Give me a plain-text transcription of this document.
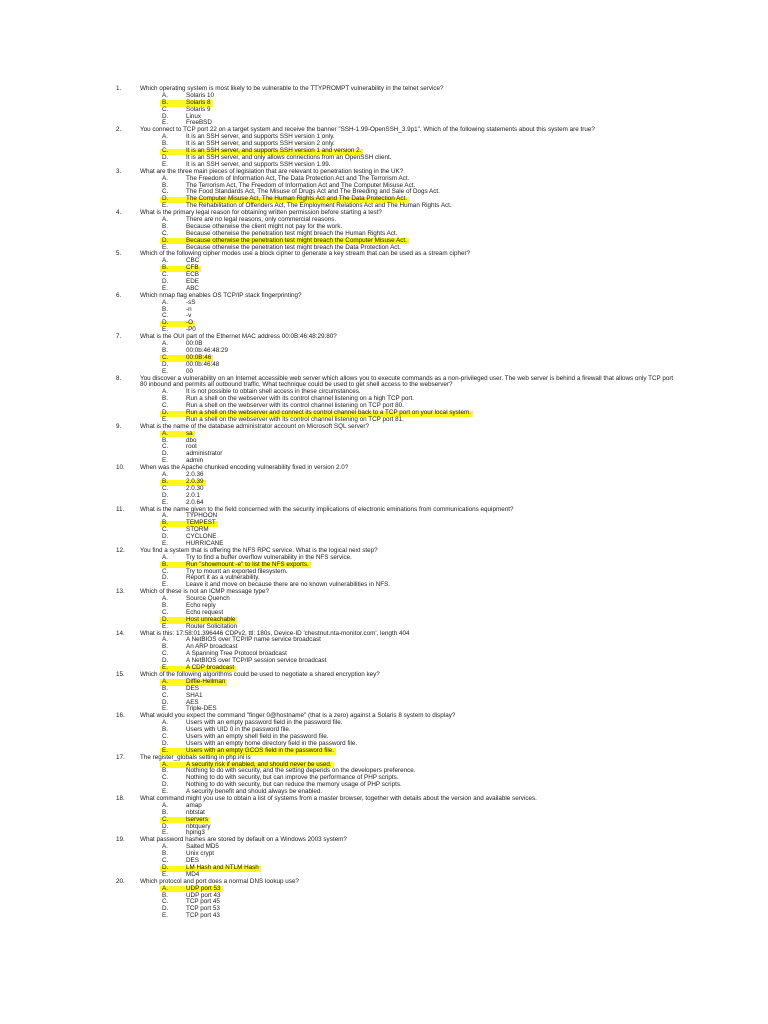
1.	Which operating system is most likely to be vulnerable to the TTYPROMPT vulnerability in the telnet service?
A.	Solaris 10
B.	Solaris 8
C.	Solaris 9
D.	Linux
E.	FreeBSD
2.	You connect to TCP port 22 on a target system and receive the banner "SSH-1.99-OpenSSH_3.9p1". Which of the following statements about this system are true?
A.	It is an SSH server, and supports SSH version 1 only.
B.	It is an SSH server, and supports SSH version 2 only.
C.	It is an SSH server, and supports SSH version 1 and version 2.
D.	It is an SSH server, and only allows connections from an OpenSSH client.
E.	It is an SSH server, and supports SSH version 1.99.
3.	What are the three main pieces of legislation that are relevant to penetration testing in the UK?
A.	The Freedom of Information Act, The Data Protection Act and The Terrorism Act.
B.	The Terrorism Act, The Freedom of Information Act and The Computer Misuse Act.
C.	The Food Standards Act, The Misuse of Drugs Act and The Breeding and Sale of Dogs Act.
D.	The Computer Misuse Act, The Human Rights Act and The Data Protection Act.
E.	The Rehabilitation of Offenders Act, The Employment Relations Act and The Human Rights Act.
4.	What is the primary legal reason for obtaining written permission before starting a test?
A.	There are no legal reasons, only commercial reasons.
B.	Because otherwise the client might not pay for the work.
C.	Because otherwise the penetration test might breach the Human Rights Act.
D.	Because otherwise the penetration test might breach the Computer Misuse Act.
E.	Because otherwise the penetration test might breach the Data Protection Act.
5.	Which of the following cipher modes use a block cipher to generate a key stream that can be used as a stream cipher?
A.	CBC
B.	CFB
C.	ECB
D.	EDE
E.	ABC
6.	Which nmap flag enables OS TCP/IP stack fingerprinting?
A.	-sS
B.	-n
C.	-v
D.	-O
E.	-P0
7.	What is the OUI part of the Ethernet MAC address 00:0B:46:48:29:80?
A.	00:0B
B.	00:0b:46:48:29
C.	00:0B:46
D.	00:0b:46:48
E.	00
8.	You discover a vulnerability on an Internet accessible web server which allows you to execute commands as a non-privileged user. The web server is behind a firewall that allows only TCP port 80 inbound and permits all outbound traffic. What technique could be used to get shell access to the webserver?
A.	It is not possible to obtain shell access in these circumstances.
B.	Run a shell on the webserver with its control channel listening on a high TCP port.
C.	Run a shell on the webserver with its control channel listening on TCP port 80.
D.	Run a shell on the webserver and connect its control channel back to a TCP port on your local system.
E.	Run a shell on the webserver with its control channel listening on TCP port 81.
9.	What is the name of the database administrator account on Microsoft SQL server?
A.	sa
B.	dbo
C.	root
D.	administrator
E.	admin
10. When was the Apache chunked encoding vulnerability fixed in version 2.0?
A.	2.0.36
B.	2.0.39
C.	2.0.30
D.	2.0.1
E.	2.0.64
11. What is the name given to the field concerned with the security implications of electronic eminations from communications equipment?
A.	TYPHOON
B.	TEMPEST
C.	STORM
D.	CYCLONE
E.	HURRICANE
12. You find a system that is offering the NFS RPC service. What is the logical next step?
A.	Try to find a buffer overflow vulnerability in the NFS service.
B.	Run "showmount -e" to list the NFS exports.
C.	Try to mount an exported filesystem.
D.	Report it as a vulnerability.
E.	Leave it and move on because there are no known vulnerabilities in NFS.
13. Which of these is not an ICMP message type?
A.	Source Quench
B.	Echo reply
C.	Echo request
D.	Host unreachable
E.	Router Solicitation
14. What is this: 17:58:01.396446 CDPv2, ttl: 180s, Device-ID 'chestnut.nta-monitor.com', length 404
A.	A NetBIOS over TCP/IP name service broadcast
B.	An ARP broadcast
C.	A Spanning Tree Protocol broadcast
D.	A NetBIOS over TCP/IP session service broadcast
E.	A CDP broadcast
15. Which of the following algorithms could be used to negotiate a shared encryption key?
A.	Diffie-Hellman
B.	DES
C.	SHA1
D.	AES
E.	Triple-DES
16. What would you expect the command "finger 0@hostname" (that is a zero) against a Solaris 8 system to display?
A.	Users with an empty password field in the password file.
B.	Users with UID 0 in the password file.
C.	Users with an empty shell field in the password file.
D.	Users with an empty home directory field in the password file.
E.	Users with an empty GCOS field in the password file.
17. The register_globals setting in php.ini is
A.	A security risk if enabled, and should never be used.
B.	Nothing to do with security, and the setting depends on the developers preference.
C.	Nothing to do with security, but can improve the performance of PHP scripts.
D.	Nothing to do with security, but can reduce the memory usage of PHP scripts.
E.	A security benefit and should always be enabled.
18. What command might you use to obtain a list of systems from a master browser, together with details about the version and available services.
A.	amap
B.	nbtstat
C.	lservers
D.	nbtquery
E.	hping3
19. What password hashes are stored by default on a Windows 2003 system?
A.	Salted MD5
B.	Unix crypt
C.	DES
D.	LM Hash and NTLM Hash
E.	MD4
20. Which protocol and port does a normal DNS lookup use?
A.	UDP port 53
B.	UDP port 43
C.	TCP port 45
D.	TCP port 53
E.	TCP port 43
